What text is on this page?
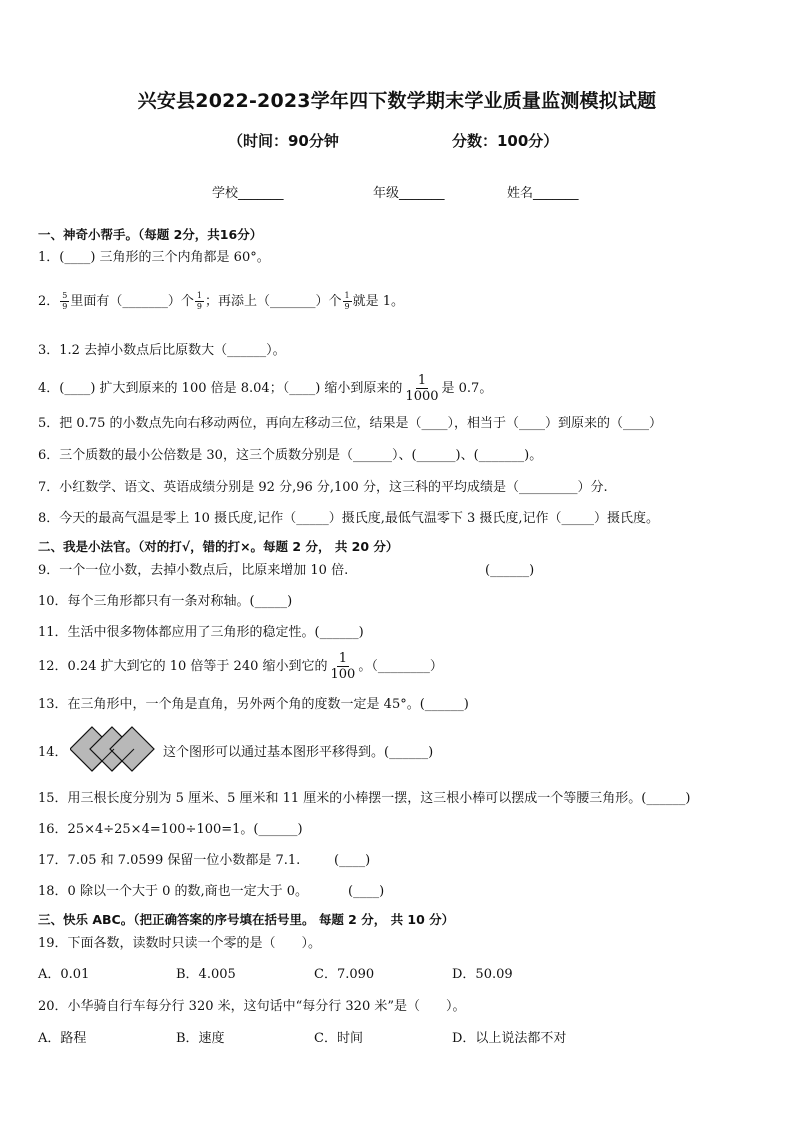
兴安县2022-2023学年四下数学期末学业质量监测模拟试题
（时间：90分钟	分数：100分）
学校_______	年级_______	姓名_______
一、神奇小帮手。（每题 2分，共16分）
1．(____) 三角形的三个内角都是 60°。
2． $\frac{5}{9}$ 里面有（_______）个 $\frac{1}{9}$ ；再添上（_______）个 $\frac{1}{9}$ 就是 1。
3．1.2 去掉小数点后比原数大（______）。
4．(____) 扩大到原来的 100 倍是 8.04；（____) 缩小到原来的 $\frac{1}{1000}$ 是 0.7。
5．把 0.75 的小数点先向右移动两位，再向左移动三位，结果是（____），相当于（____）到原来的（____）
6．三个质数的最小公倍数是 30，这三个质数分别是（______）、(______)、(_______)。
7．小红数学、语文、英语成绩分别是 92 分,96 分,100 分，这三科的平均成绩是（_________）分.
8．今天的最高气温是零上 10 摄氏度,记作（_____）摄氏度,最低气温零下 3 摄氏度,记作（_____）摄氏度。
二、我是小法官。（对的打√，错的打×。每题 2 分， 共 20 分）
9．一个一位小数，去掉小数点后，比原来增加 10 倍.	(______)
10．每个三角形都只有一条对称轴。(_____)
11．生活中很多物体都应用了三角形的稳定性。(______)
12．0.24 扩大到它的 10 倍等于 240 缩小到它的 $\frac{1}{100}$ 。（________）
13．在三角形中，一个角是直角，另外两个角的度数一定是 45°。(______)
14．	这个图形可以通过基本图形平移得到。(______)
15．用三根长度分别为 5 厘米、5 厘米和 11 厘米的小棒摆一摆，这三根小棒可以摆成一个等腰三角形。(______)
16．25×4÷25×4=100÷100=1。(______)
17．7.05 和 7.0599 保留一位小数都是 7.1.	(____)
18．0 除以一个大于 0 的数,商也一定大于 0。	(____)
三、快乐 ABC。（把正确答案的序号填在括号里。 每题 2 分， 共 10 分）
19．下面各数，读数时只读一个零的是（　　）。
A．0.01	B．4.005	C．7.090	D．50.09
20．小华骑自行车每分行 320 米，这句话中“每分行 320 米”是（　　）。
A．路程	B．速度	C．时间	D．以上说法都不对
